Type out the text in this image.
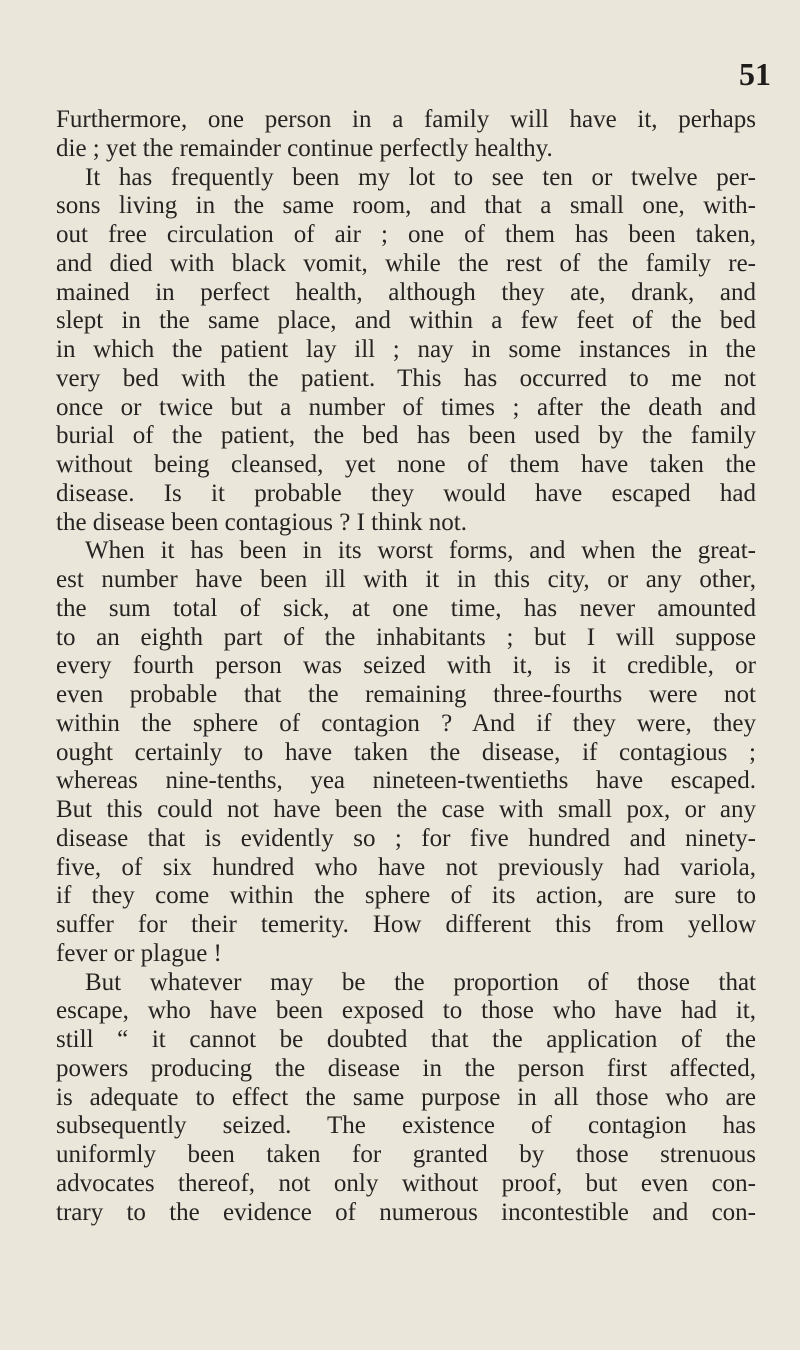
51
Furthermore, one person in a family will have it, perhaps
die ; yet the remainder continue perfectly healthy.
It has frequently been my lot to see ten or twelve per-
sons living in the same room, and that a small one, with-
out free circulation of air ; one of them has been taken,
and died with black vomit, while the rest of the family re-
mained in perfect health, although they ate, drank, and
slept in the same place, and within a few feet of the bed
in which the patient lay ill ; nay in some instances in the
very bed with the patient. This has occurred to me not
once or twice but a number of times ; after the death and
burial of the patient, the bed has been used by the family
without being cleansed, yet none of them have taken the
disease. Is it probable they would have escaped had
the disease been contagious ? I think not.
When it has been in its worst forms, and when the great-
est number have been ill with it in this city, or any other,
the sum total of sick, at one time, has never amounted
to an eighth part of the inhabitants ; but I will suppose
every fourth person was seized with it, is it credible, or
even probable that the remaining three-fourths were not
within the sphere of contagion ? And if they were, they
ought certainly to have taken the disease, if contagious ;
whereas nine-tenths, yea nineteen-twentieths have escaped.
But this could not have been the case with small pox, or any
disease that is evidently so ; for five hundred and ninety-
five, of six hundred who have not previously had variola,
if they come within the sphere of its action, are sure to
suffer for their temerity. How different this from yellow
fever or plague !
But whatever may be the proportion of those that
escape, who have been exposed to those who have had it,
still “ it cannot be doubted that the application of the
powers producing the disease in the person first affected,
is adequate to effect the same purpose in all those who are
subsequently seized. The existence of contagion has
uniformly been taken for granted by those strenuous
advocates thereof, not only without proof, but even con-
trary to the evidence of numerous incontestible and con-
